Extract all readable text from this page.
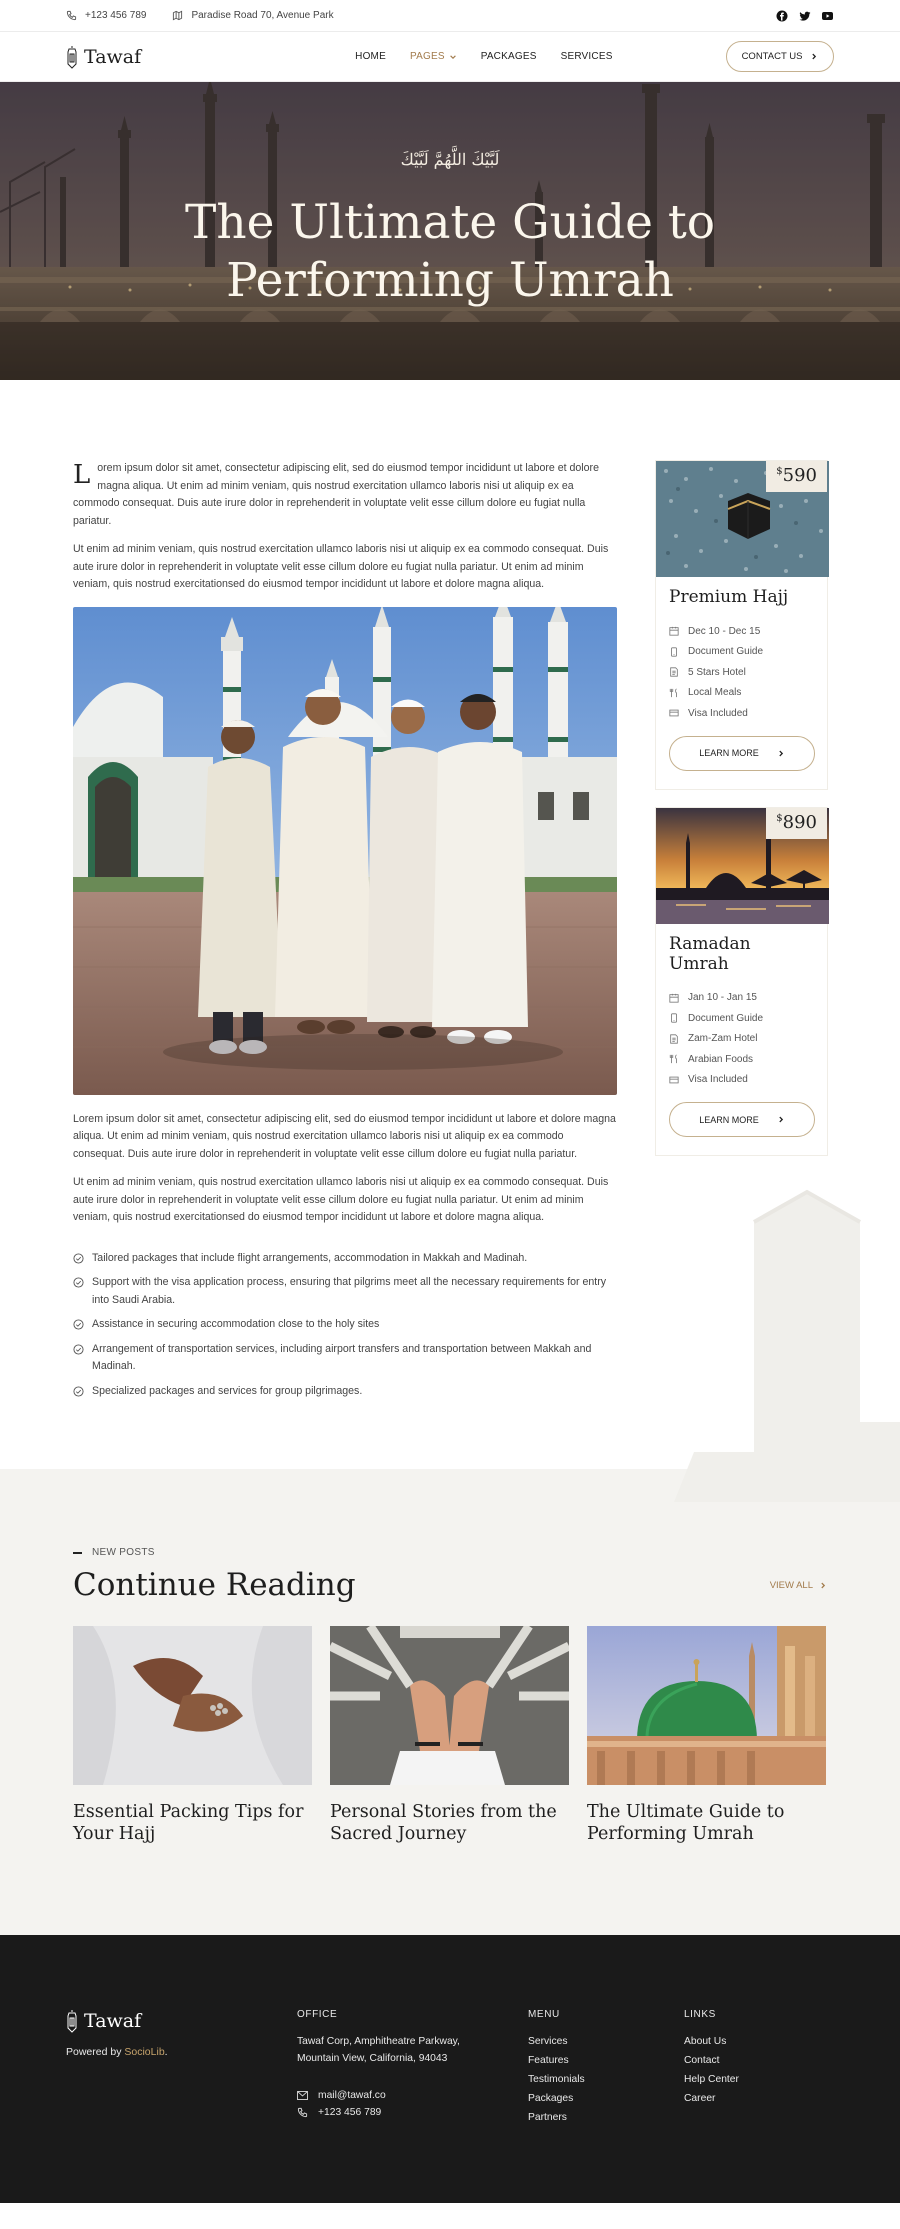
+123 456 789	Paradise Road 70, Avenue Park
Tawaf	HOME PAGES	PACKAGES SERVICES	CONTACT US
لَبَّيْكَ اللَّهُمَّ لَبَّيْكَ
The Ultimate Guide to
Performing Umrah

Lorem ipsum dolor sit amet, consectetur adipiscing elit, sed do eiusmod tempor incididunt ut labore et dolore magna aliqua. Ut enim ad minim veniam, quis nostrud exercitation ullamco laboris nisi ut aliquip ex ea commodo consequat. Duis aute irure dolor in reprehenderit in voluptate velit esse cillum dolore eu fugiat nulla pariatur.

Ut enim ad minim veniam, quis nostrud exercitation ullamco laboris nisi ut aliquip ex ea commodo consequat. Duis aute irure dolor in reprehenderit in voluptate velit esse cillum dolore eu fugiat nulla pariatur. Ut enim ad minim veniam, quis nostrud exercitationsed do eiusmod tempor incididunt ut labore et dolore magna aliqua.

Lorem ipsum dolor sit amet, consectetur adipiscing elit, sed do eiusmod tempor incididunt ut labore et dolore magna aliqua. Ut enim ad minim veniam, quis nostrud exercitation ullamco laboris nisi ut aliquip ex ea commodo consequat. Duis aute irure dolor in reprehenderit in voluptate velit esse cillum dolore eu fugiat nulla pariatur.

Ut enim ad minim veniam, quis nostrud exercitation ullamco laboris nisi ut aliquip ex ea commodo consequat. Duis aute irure dolor in reprehenderit in voluptate velit esse cillum dolore eu fugiat nulla pariatur. Ut enim ad minim veniam, quis nostrud exercitationsed do eiusmod tempor incididunt ut labore et dolore magna aliqua.

Tailored packages that include flight arrangements, accommodation in Makkah and Madinah.
Support with the visa application process, ensuring that pilgrims meet all the necessary requirements for entry into Saudi Arabia.
Assistance in securing accommodation close to the holy sites
Arrangement of transportation services, including airport transfers and transportation between Makkah and Madinah.
Specialized packages and services for group pilgrimages.
$590
Premium Hajj
Dec 10 - Dec 15
Document Guide
5 Stars Hotel
Local Meals
Visa Included
LEARN MORE
$890
Ramadan Umrah
Jan 10 - Jan 15
Document Guide
Zam-Zam Hotel
Arabian Foods
Visa Included
LEARN MORE
NEW POSTS
Continue Reading	VIEW ALL
Essential Packing Tips for Your Hajj
Personal Stories from the Sacred Journey
The Ultimate Guide to Performing Umrah
Tawaf
Powered by SocioLib.
OFFICE

Tawaf Corp, Amphitheatre Parkway, Mountain View, California, 94043

mail@tawaf.co
+123 456 789
MENU
Services
Features
Testimonials
Packages
Partners
LINKS
About Us
Contact
Help Center
Career
